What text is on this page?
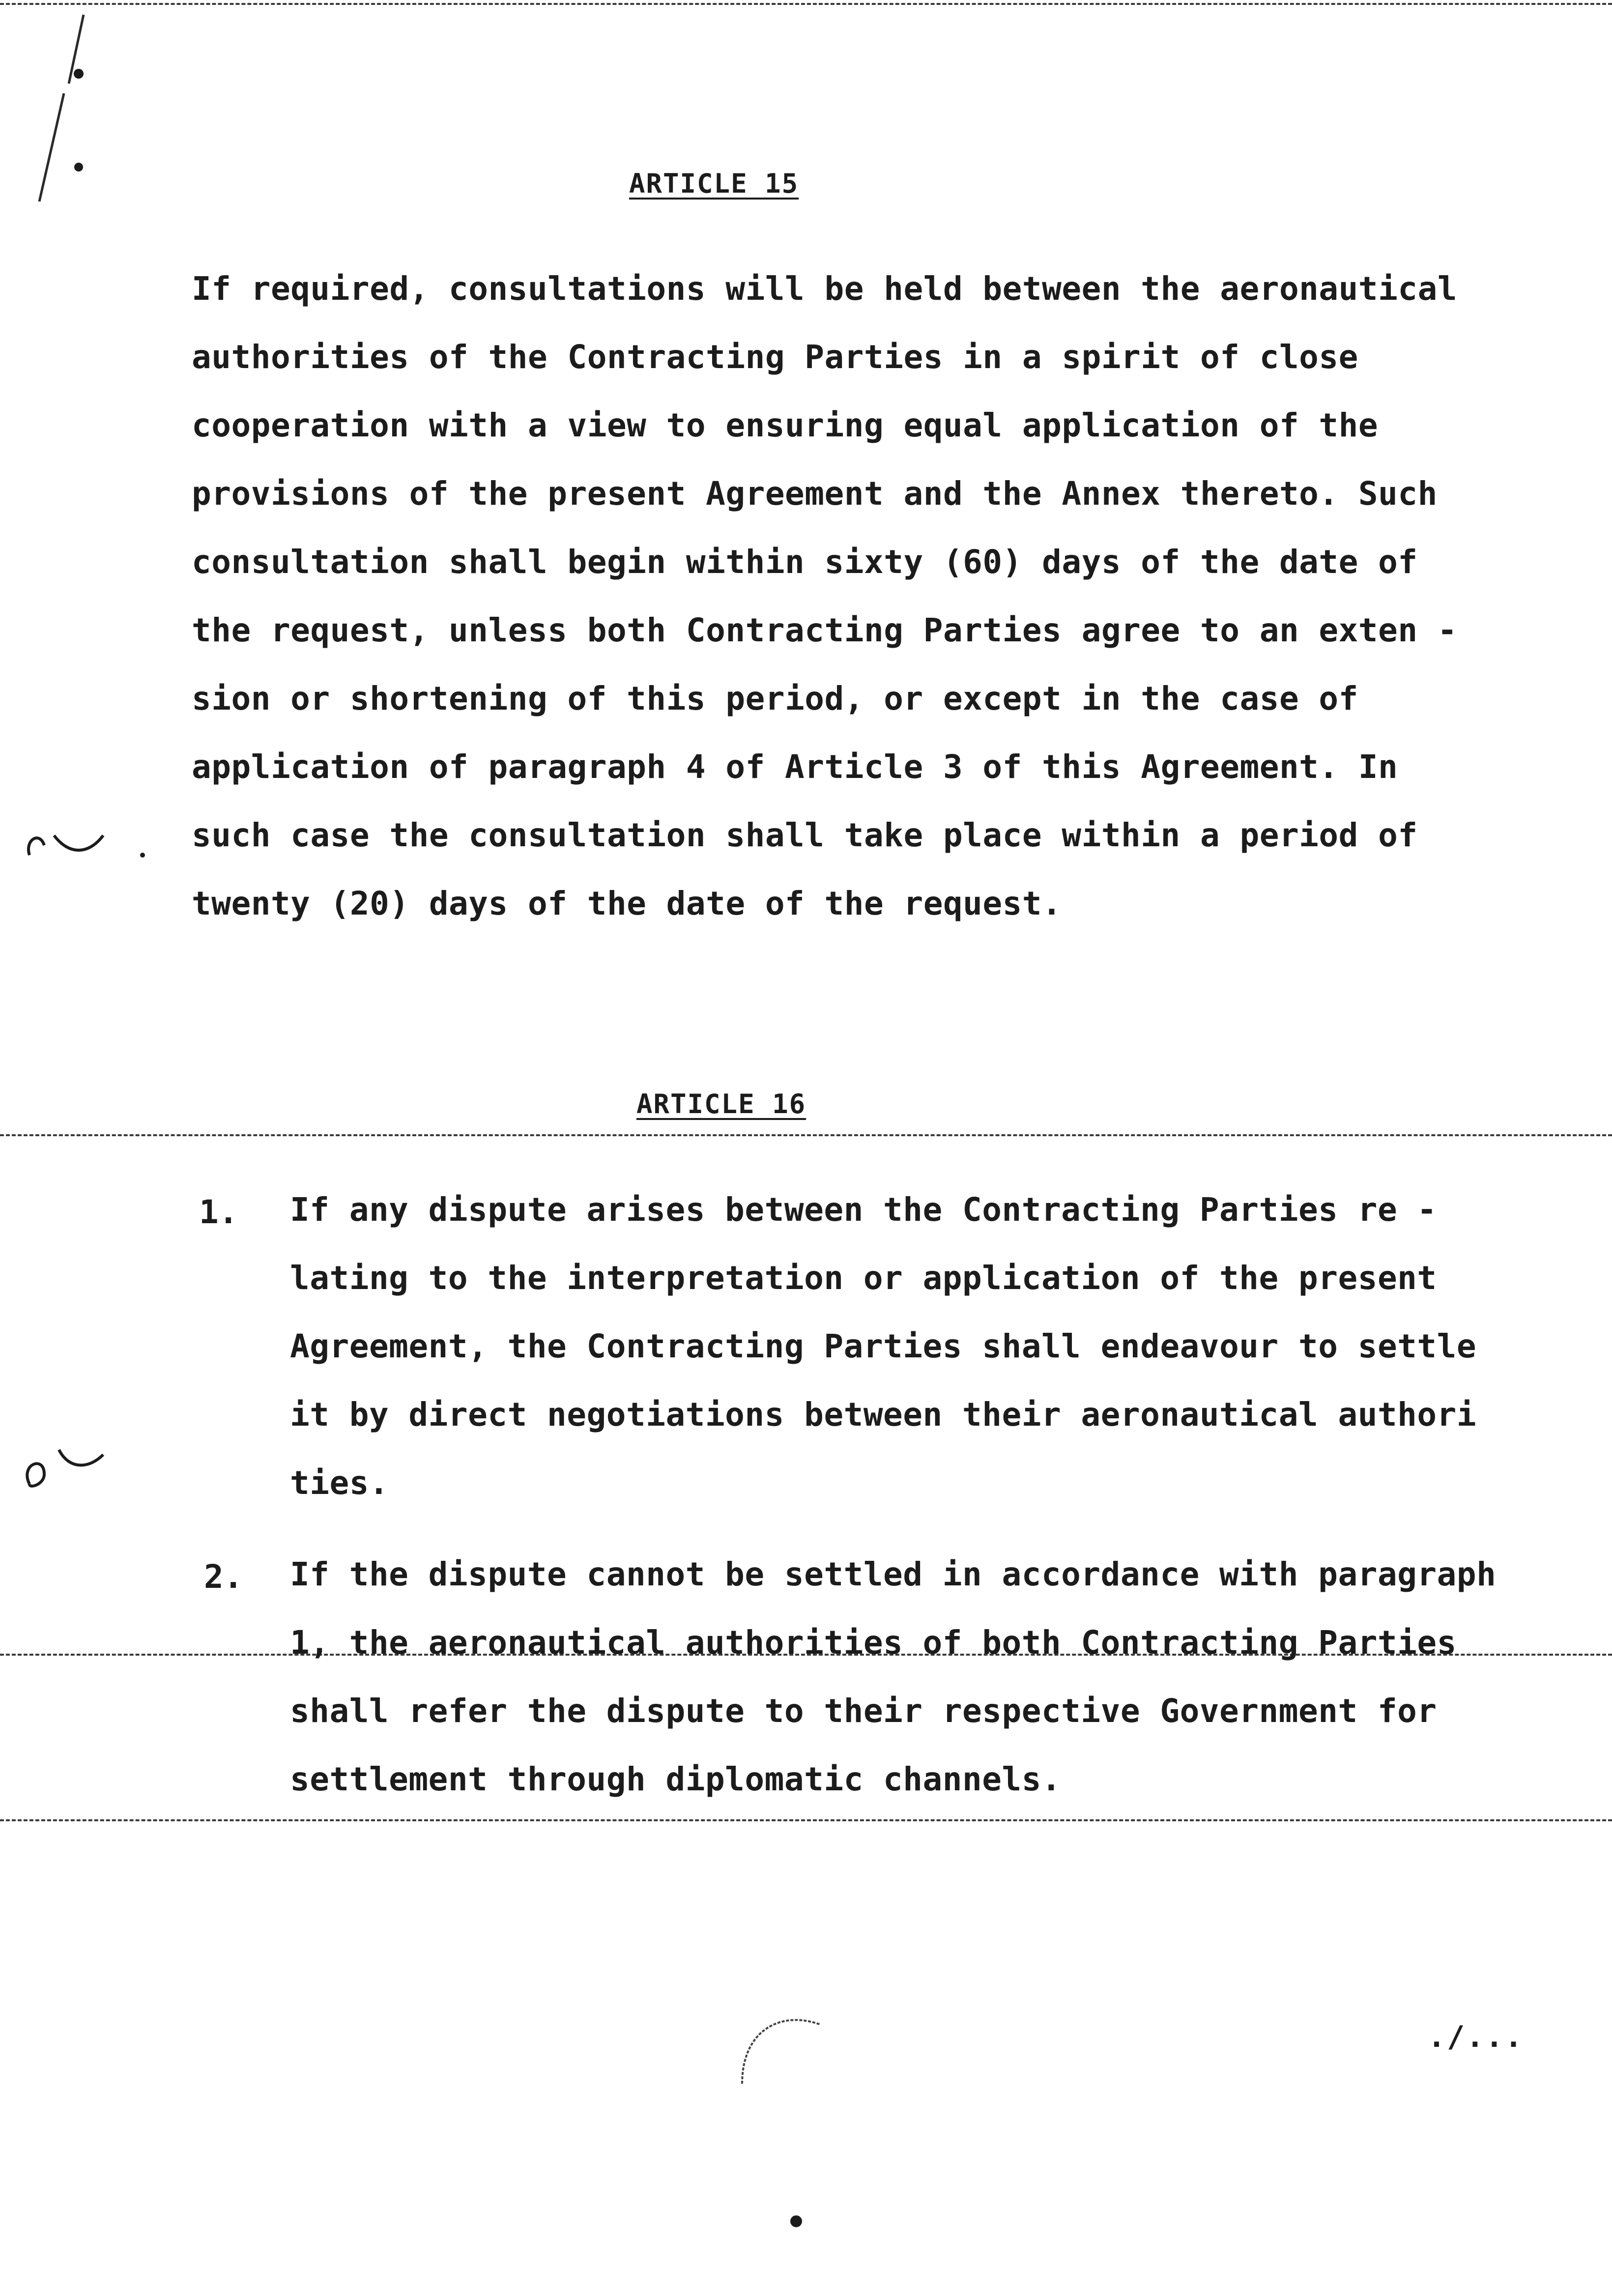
ARTICLE 15
If required, consultations will be held between the aeronautical
authorities of the Contracting Parties in a spirit of close
cooperation with a view to ensuring equal application of the
provisions of the present Agreement and the Annex thereto. Such
consultation shall begin within sixty (60) days of the date of
the request, unless both Contracting Parties agree to an exten -
sion or shortening of this period, or except in the case of
application of paragraph 4 of Article 3 of this Agreement. In
such case the consultation shall take place within a period of
twenty (20) days of the date of the request.
ARTICLE 16
1. If any dispute arises between the Contracting Parties re -
lating to the interpretation or application of the present
Agreement, the Contracting Parties shall endeavour to settle
it by direct negotiations between their aeronautical authori
ties.
2. If the dispute cannot be settled in accordance with paragraph
1, the aeronautical authorities of both Contracting Parties
shall refer the dispute to their respective Government for
settlement through diplomatic channels.
./...
